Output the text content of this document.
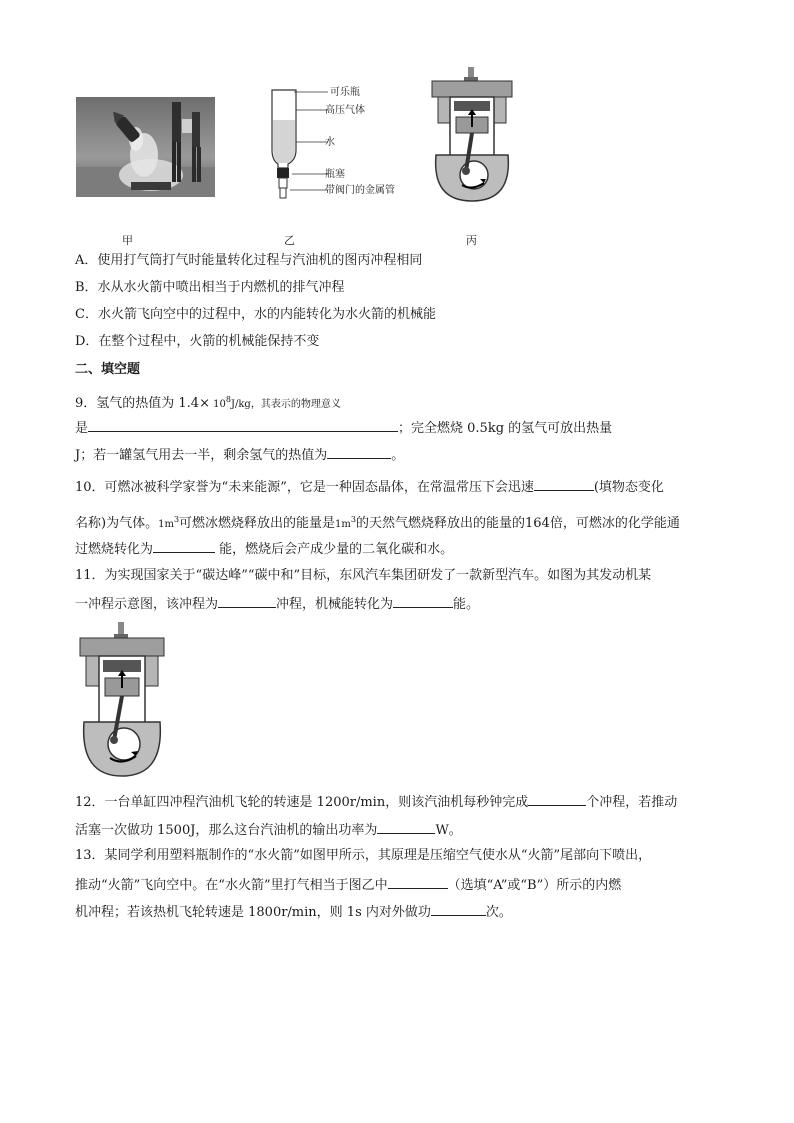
甲
可乐瓶
高压气体
水
瓶塞
带阀门的金属管
乙	丙
A．使用打气筒打气时能量转化过程与汽油机的图丙冲程相同
B．水从水火箭中喷出相当于内燃机的排气冲程
C．水火箭飞向空中的过程中，水的内能转化为水火箭的机械能
D．在整个过程中，火箭的机械能保持不变
二、填空题
9．氢气的热值为 $1.4\times 10^8J/kg$，其表示的物理意义
是	；完全燃烧 0.5kg 的氢气可放出热量
J；若一罐氢气用去一半，剩余氢气的热值为	。
10．可燃冰被科学家誉为“未来能源”，它是一种固态晶体，在常温常压下会迅速	(填物态变化
名称)为气体。$1m^3$可燃冰燃烧释放出的能量是$1m^3$的天然气燃烧释放出的能量的164倍，可燃冰的化学能通
过燃烧转化为	能，燃烧后会产成少量的二氧化碳和水。
11．为实现国家关于“碳达峰”“碳中和”目标，东风汽车集团研发了一款新型汽车。如图为其发动机某
一冲程示意图，该冲程为	冲程，机械能转化为	能。
12．一台单缸四冲程汽油机飞轮的转速是 1200r/min，则该汽油机每秒钟完成	个冲程，若推动
活塞一次做功 1500J，那么这台汽油机的输出功率为	W。
13．某同学利用塑料瓶制作的“水火箭”如图甲所示，其原理是压缩空气使水从“火箭”尾部向下喷出，
推动“火箭”飞向空中。在“水火箭”里打气相当于图乙中	（选填“A”或“B”）所示的内燃
机冲程；若该热机飞轮转速是 1800r/min，则 1s 内对外做功	次。
